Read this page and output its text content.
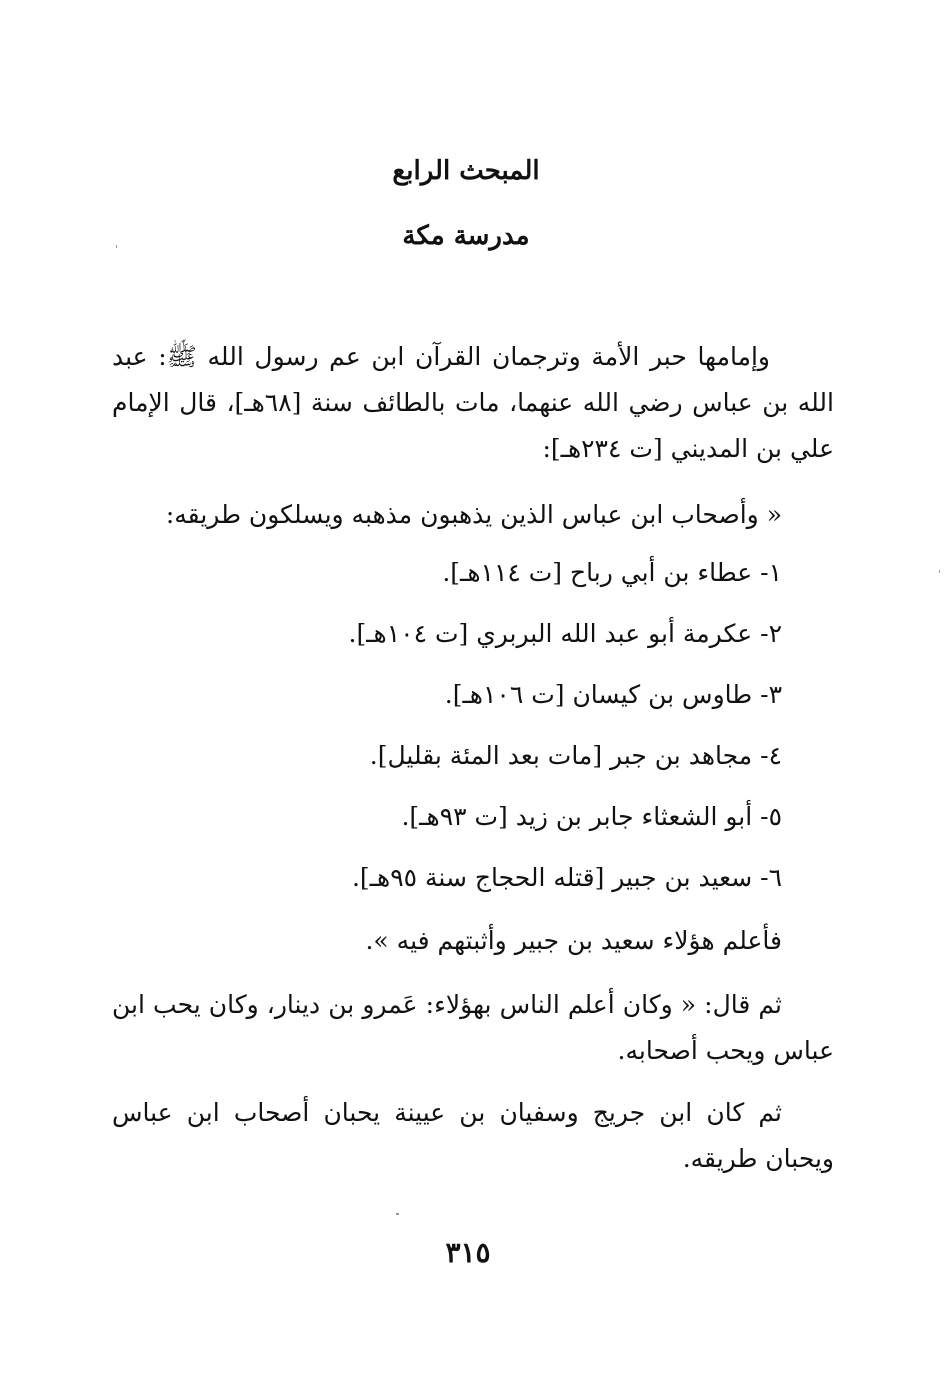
المبحث الرابع
مدرسة مكة

وإمامها حبر الأمة وترجمان القرآن ابن عم رسول الله ﷺ: عبد الله بن عباس رضي الله عنهما، مات بالطائف سنة [٦٨هـ]، قال الإمام علي بن المديني [ت ٢٣٤هـ]:

« وأصحاب ابن عباس الذين يذهبون مذهبه ويسلكون طريقه:

١- عطاء بن أبي رباح [ت ١١٤هـ].
٢- عكرمة أبو عبد الله البربري [ت ١٠٤هـ].
٣- طاوس بن كيسان [ت ١٠٦هـ].
٤- مجاهد بن جبر [مات بعد المئة بقليل].
٥- أبو الشعثاء جابر بن زيد [ت ٩٣هـ].
٦- سعيد بن جبير [قتله الحجاج سنة ٩٥هـ].

فأعلم هؤلاء سعيد بن جبير وأثبتهم فيه ».

ثم قال: « وكان أعلم الناس بهؤلاء: عَمرو بن دينار، وكان يحب ابن عباس ويحب أصحابه.

ثم كان ابن جريج وسفيان بن عيينة يحبان أصحاب ابن عباس ويحبان طريقه.

٣١٥
